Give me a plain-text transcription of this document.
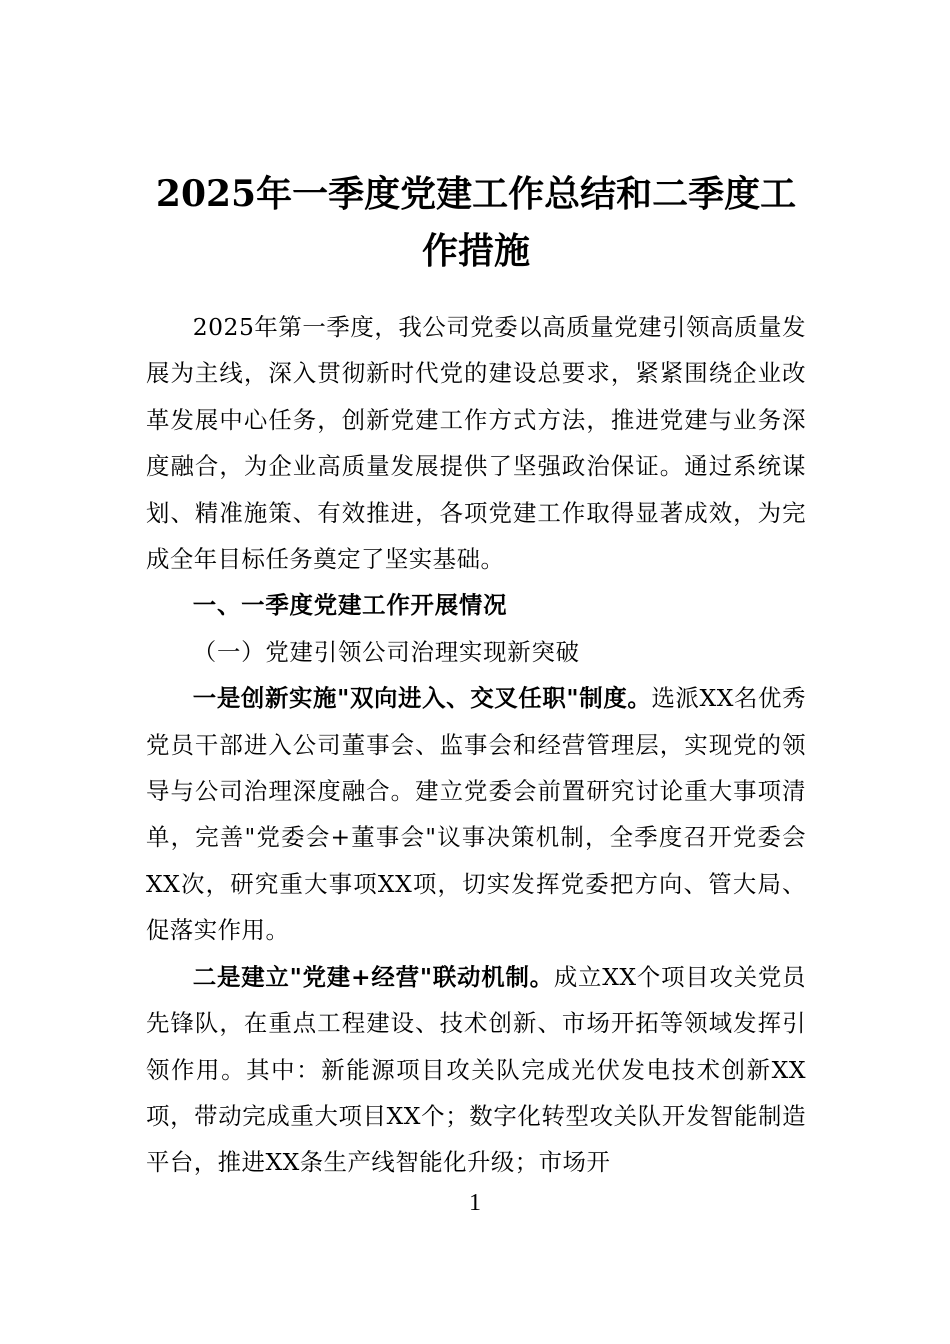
2025年一季度党建工作总结和二季度工作措施

2025年第一季度，我公司党委以高质量党建引领高质量发展为主线，深入贯彻新时代党的建设总要求，紧紧围绕企业改革发展中心任务，创新党建工作方式方法，推进党建与业务深度融合，为企业高质量发展提供了坚强政治保证。通过系统谋划、精准施策、有效推进，各项党建工作取得显著成效，为完成全年目标任务奠定了坚实基础。

一、一季度党建工作开展情况

（一）党建引领公司治理实现新突破

一是创新实施"双向进入、交叉任职"制度。选派XX名优秀党员干部进入公司董事会、监事会和经营管理层，实现党的领导与公司治理深度融合。建立党委会前置研究讨论重大事项清单，完善"党委会+董事会"议事决策机制，全季度召开党委会XX次，研究重大事项XX项，切实发挥党委把方向、管大局、促落实作用。

二是建立"党建+经营"联动机制。成立XX个项目攻关党员先锋队，在重点工程建设、技术创新、市场开拓等领域发挥引领作用。其中：新能源项目攻关队完成光伏发电技术创新XX项，带动完成重大项目XX个；数字化转型攻关队开发智能制造平台，推进XX条生产线智能化升级；市场开

1
